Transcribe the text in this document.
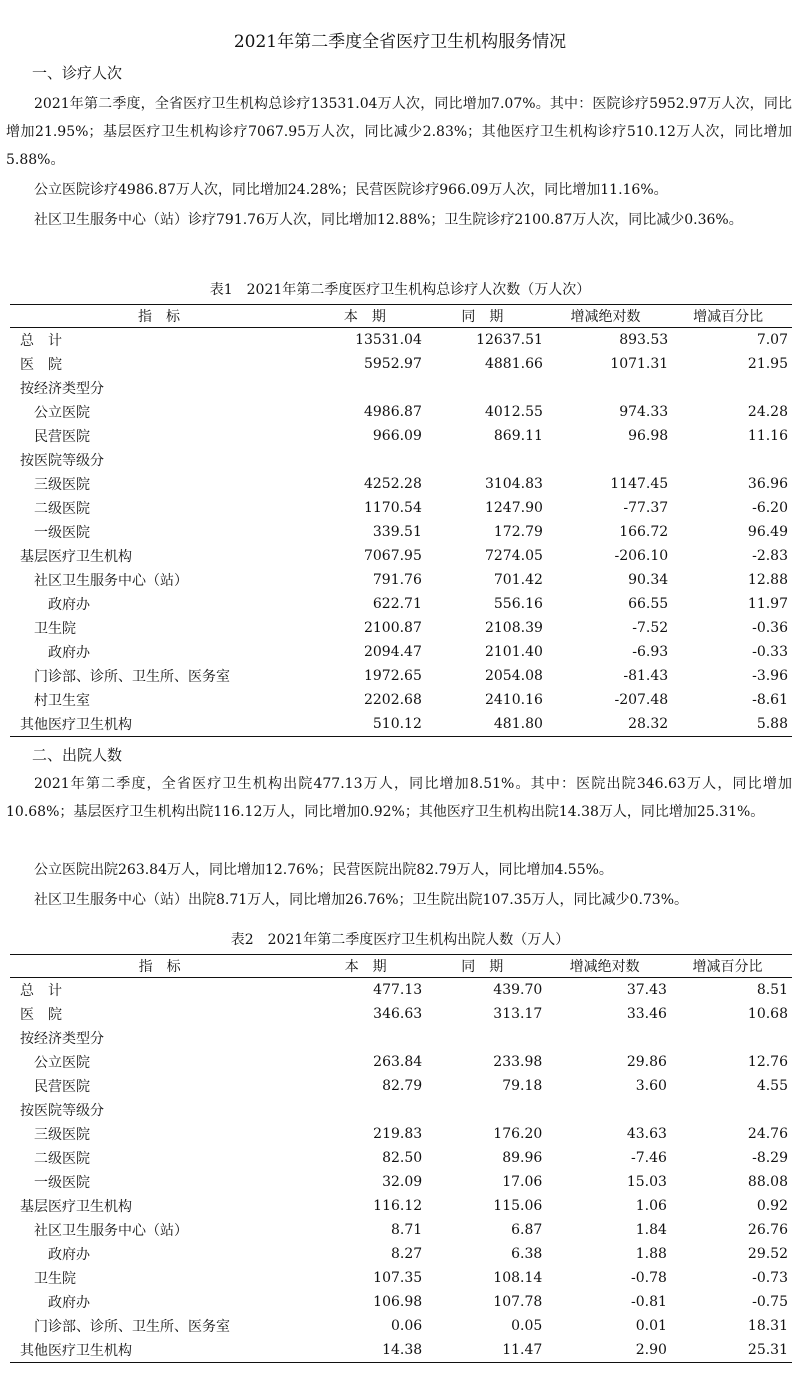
2021年第二季度全省医疗卫生机构服务情况
一、诊疗人次
2021年第二季度，全省医疗卫生机构总诊疗13531.04万人次，同比增加7.07%。其中：医院诊疗5952.97万人次，同比增加21.95%；基层医疗卫生机构诊疗7067.95万人次，同比减少2.83%；其他医疗卫生机构诊疗510.12万人次，同比增加5.88%。
公立医院诊疗4986.87万人次，同比增加24.28%；民营医院诊疗966.09万人次，同比增加11.16%。
社区卫生服务中心（站）诊疗791.76万人次，同比增加12.88%；卫生院诊疗2100.87万人次，同比减少0.36%。
表1　2021年第二季度医疗卫生机构总诊疗人次数（万人次）
指　标	本　期	同　期	增减绝对数	增减百分比
总　计	13531.04	12637.51	893.53	7.07
医　院	5952.97	4881.66	1071.31	21.95
按经济类型分				
公立医院	4986.87	4012.55	974.33	24.28
民营医院	966.09	869.11	96.98	11.16
按医院等级分				
三级医院	4252.28	3104.83	1147.45	36.96
二级医院	1170.54	1247.90	-77.37	-6.20
一级医院	339.51	172.79	166.72	96.49
基层医疗卫生机构	7067.95	7274.05	-206.10	-2.83
社区卫生服务中心（站）	791.76	701.42	90.34	12.88
政府办	622.71	556.16	66.55	11.97
卫生院	2100.87	2108.39	-7.52	-0.36
政府办	2094.47	2101.40	-6.93	-0.33
门诊部、诊所、卫生所、医务室	1972.65	2054.08	-81.43	-3.96
村卫生室	2202.68	2410.16	-207.48	-8.61
其他医疗卫生机构	510.12	481.80	28.32	5.88
二、出院人数
2021年第二季度，全省医疗卫生机构出院477.13万人，同比增加8.51%。其中：医院出院346.63万人，同比增加10.68%；基层医疗卫生机构出院116.12万人，同比增加0.92%；其他医疗卫生机构出院14.38万人，同比增加25.31%。
公立医院出院263.84万人，同比增加12.76%；民营医院出院82.79万人，同比增加4.55%。
社区卫生服务中心（站）出院8.71万人，同比增加26.76%；卫生院出院107.35万人，同比减少0.73%。
表2　2021年第二季度医疗卫生机构出院人数（万人）
指　标	本　期	同　期	增减绝对数	增减百分比
总　计	477.13	439.70	37.43	8.51
医　院	346.63	313.17	33.46	10.68
按经济类型分				
公立医院	263.84	233.98	29.86	12.76
民营医院	82.79	79.18	3.60	4.55
按医院等级分				
三级医院	219.83	176.20	43.63	24.76
二级医院	82.50	89.96	-7.46	-8.29
一级医院	32.09	17.06	15.03	88.08
基层医疗卫生机构	116.12	115.06	1.06	0.92
社区卫生服务中心（站）	8.71	6.87	1.84	26.76
政府办	8.27	6.38	1.88	29.52
卫生院	107.35	108.14	-0.78	-0.73
政府办	106.98	107.78	-0.81	-0.75
门诊部、诊所、卫生所、医务室	0.06	0.05	0.01	18.31
其他医疗卫生机构	14.38	11.47	2.90	25.31
